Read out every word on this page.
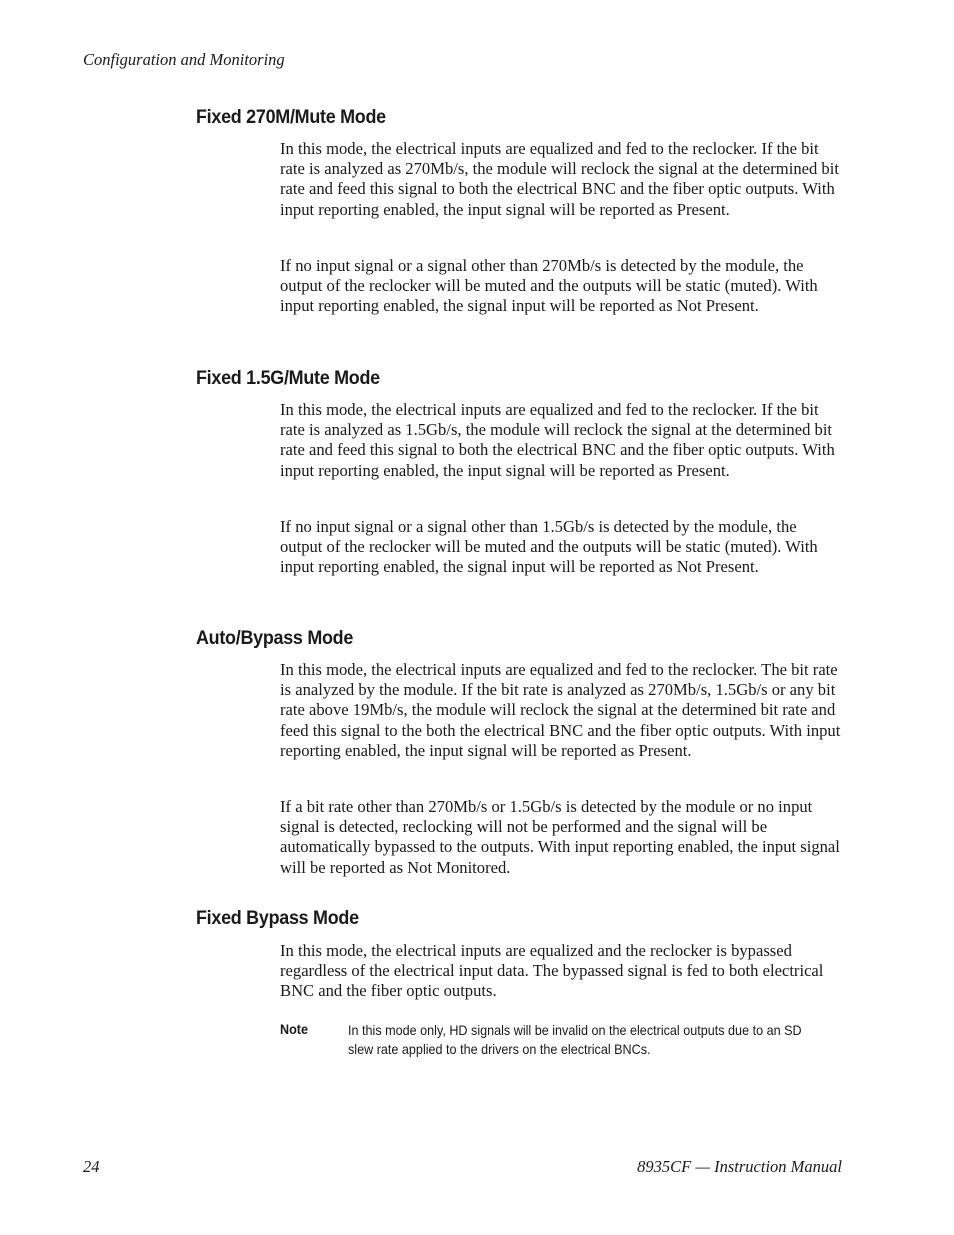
Configuration and Monitoring
Fixed 270M/Mute Mode

In this mode, the electrical inputs are equalized and fed to the reclocker. If the bit rate is analyzed as 270Mb/s, the module will reclock the signal at the determined bit rate and feed this signal to both the electrical BNC and the fiber optic outputs. With input reporting enabled, the input signal will be reported as Present.

If no input signal or a signal other than 270Mb/s is detected by the module, the output of the reclocker will be muted and the outputs will be static (muted). With input reporting enabled, the signal input will be reported as Not Present.

Fixed 1.5G/Mute Mode

In this mode, the electrical inputs are equalized and fed to the reclocker. If the bit rate is analyzed as 1.5Gb/s, the module will reclock the signal at the determined bit rate and feed this signal to both the electrical BNC and the fiber optic outputs. With input reporting enabled, the input signal will be reported as Present.

If no input signal or a signal other than 1.5Gb/s is detected by the module, the output of the reclocker will be muted and the outputs will be static (muted). With input reporting enabled, the signal input will be reported as Not Present.

Auto/Bypass Mode

In this mode, the electrical inputs are equalized and fed to the reclocker. The bit rate is analyzed by the module. If the bit rate is analyzed as 270Mb/s, 1.5Gb/s or any bit rate above 19Mb/s, the module will reclock the signal at the determined bit rate and feed this signal to the both the electrical BNC and the fiber optic outputs. With input reporting enabled, the input signal will be reported as Present.

If a bit rate other than 270Mb/s or 1.5Gb/s is detected by the module or no input signal is detected, reclocking will not be performed and the signal will be automatically bypassed to the outputs. With input reporting enabled, the input signal will be reported as Not Monitored.

Fixed Bypass Mode

In this mode, the electrical inputs are equalized and the reclocker is bypassed regardless of the electrical input data. The bypassed signal is fed to both electrical BNC and the fiber optic outputs.

Note	In this mode only, HD signals will be invalid on the electrical outputs due to an SD slew rate applied to the drivers on the electrical BNCs.

24	8935CF — Instruction Manual
